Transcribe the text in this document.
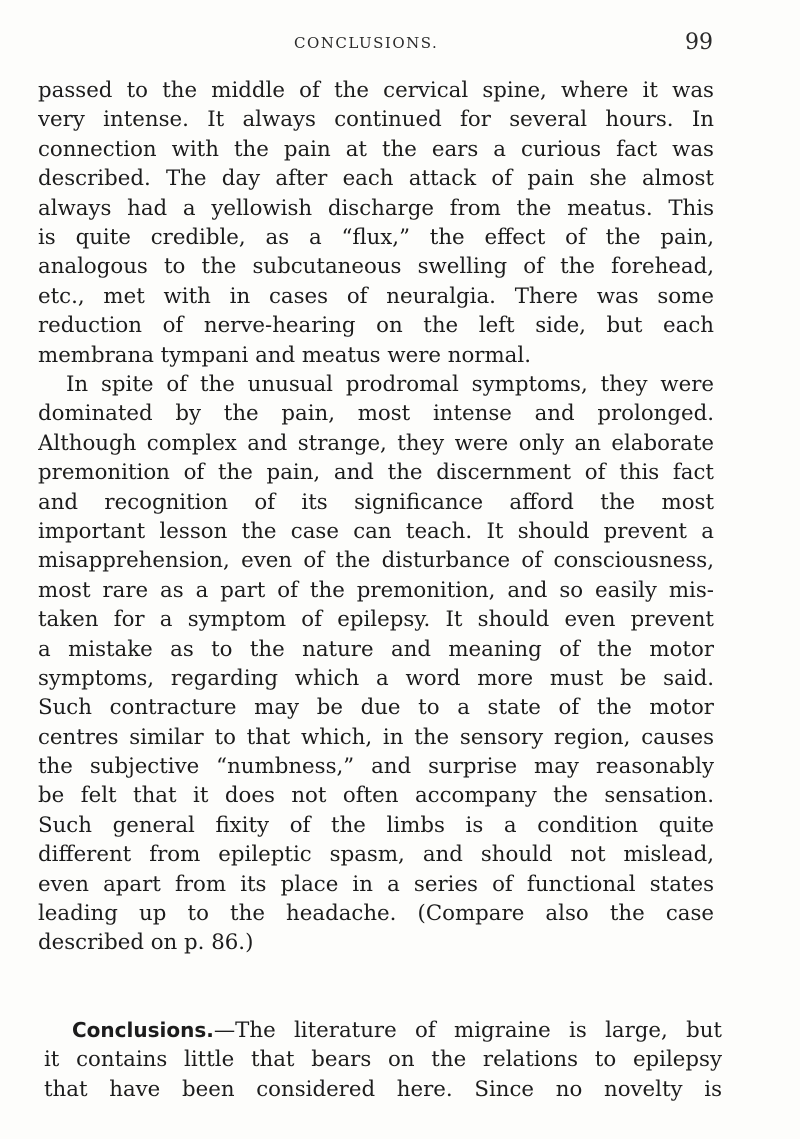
CONCLUSIONS.	99
passed to the middle of the cervical spine, where it was
very intense. It always continued for several hours. In
connection with the pain at the ears a curious fact was
described. The day after each attack of pain she almost
always had a yellowish discharge from the meatus. This
is quite credible, as a “flux,” the effect of the pain,
analogous to the subcutaneous swelling of the forehead,
etc., met with in cases of neuralgia. There was some
reduction of nerve-hearing on the left side, but each
membrana tympani and meatus were normal.
In spite of the unusual prodromal symptoms, they were
dominated by the pain, most intense and prolonged.
Although complex and strange, they were only an elaborate
premonition of the pain, and the discernment of this fact
and recognition of its significance afford the most
important lesson the case can teach. It should prevent a
misapprehension, even of the disturbance of consciousness,
most rare as a part of the premonition, and so easily mis-
taken for a symptom of epilepsy. It should even prevent
a mistake as to the nature and meaning of the motor
symptoms, regarding which a word more must be said.
Such contracture may be due to a state of the motor
centres similar to that which, in the sensory region, causes
the subjective “numbness,” and surprise may reasonably
be felt that it does not often accompany the sensation.
Such general fixity of the limbs is a condition quite
different from epileptic spasm, and should not mislead,
even apart from its place in a series of functional states
leading up to the headache. (Compare also the case
described on p. 86.)
Conclusions.—The literature of migraine is large, but
it contains little that bears on the relations to epilepsy
that have been considered here. Since no novelty is
